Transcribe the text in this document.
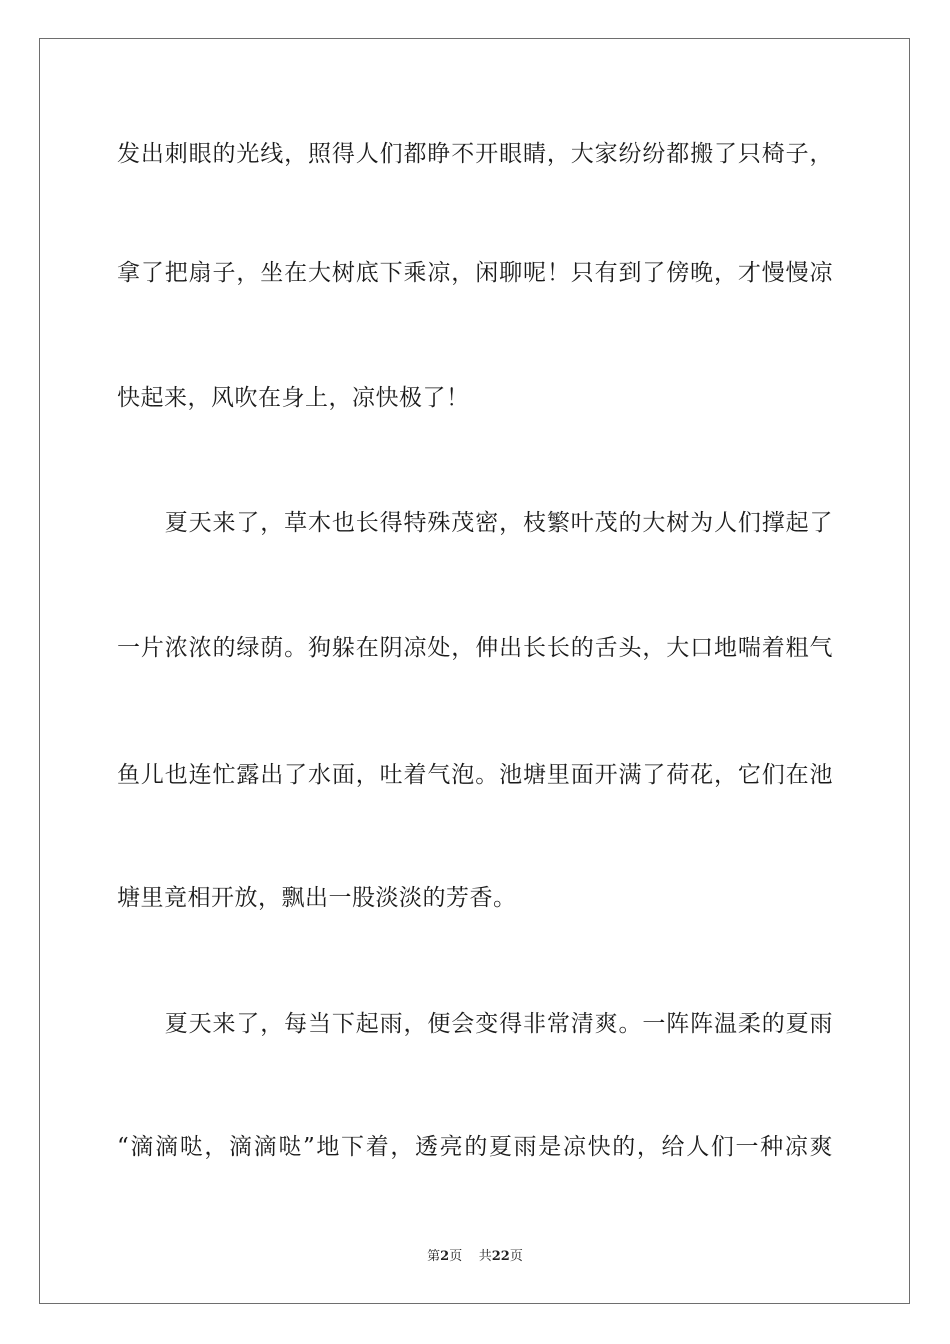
发出刺眼的光线，照得人们都睁不开眼睛，大家纷纷都搬了只椅子，
拿了把扇子，坐在大树底下乘凉，闲聊呢！只有到了傍晚，才慢慢凉
快起来，风吹在身上，凉快极了！
　　夏天来了，草木也长得特殊茂密，枝繁叶茂的大树为人们撑起了
一片浓浓的绿荫。狗躲在阴凉处，伸出长长的舌头，大口地喘着粗气
鱼儿也连忙露出了水面，吐着气泡。池塘里面开满了荷花，它们在池
塘里竟相开放，飘出一股淡淡的芳香。
　　夏天来了，每当下起雨，便会变得非常清爽。一阵阵温柔的夏雨
“滴滴哒，滴滴哒”地下着，透亮的夏雨是凉快的，给人们一种凉爽
第2页 共22页
